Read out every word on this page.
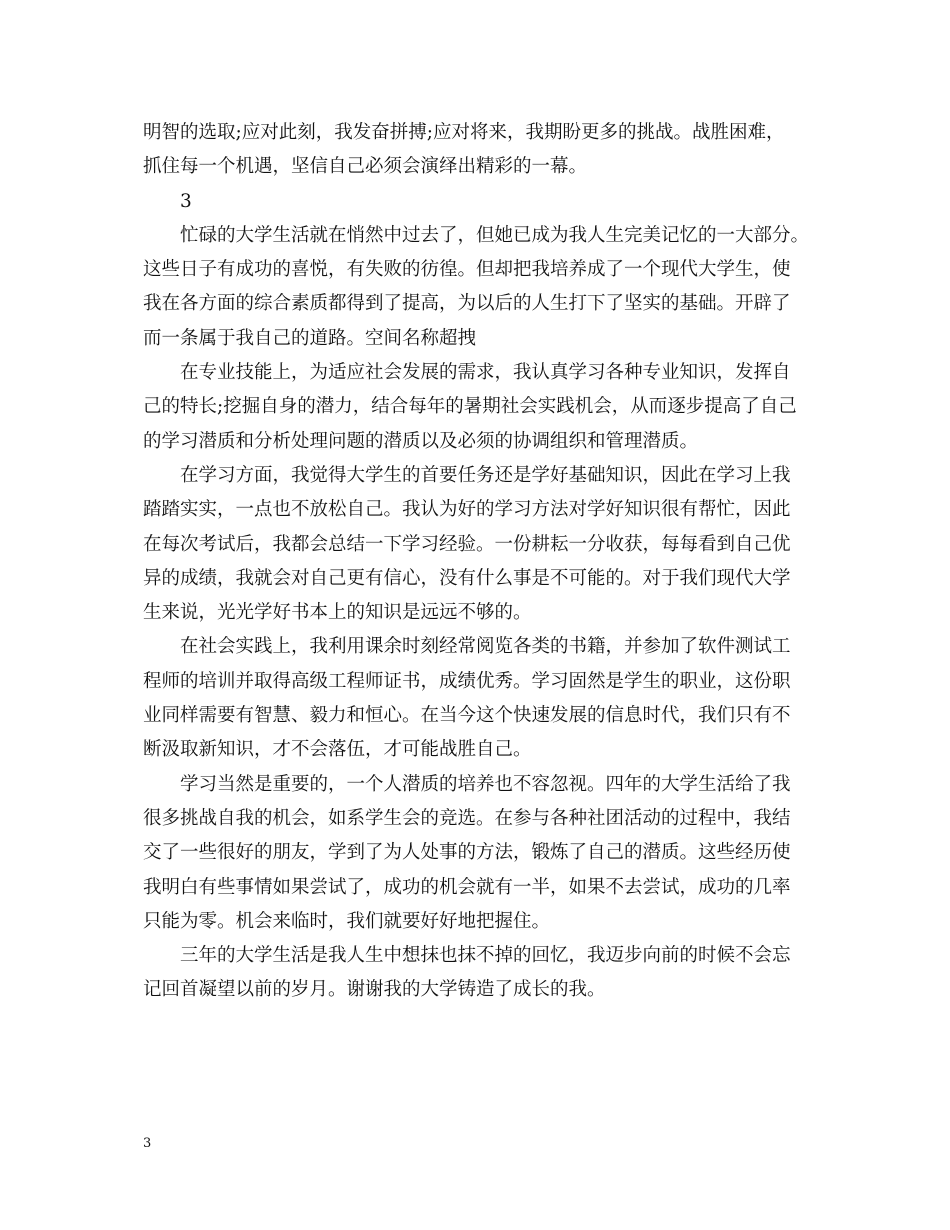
明智的选取;应对此刻，我发奋拼搏;应对将来，我期盼更多的挑战。战胜困难，
抓住每一个机遇，坚信自己必须会演绎出精彩的一幕。
3
忙碌的大学生活就在悄然中过去了，但她已成为我人生完美记忆的一大部分。
这些日子有成功的喜悦，有失败的彷徨。但却把我培养成了一个现代大学生，使
我在各方面的综合素质都得到了提高，为以后的人生打下了坚实的基础。开辟了
而一条属于我自己的道路。空间名称超拽
在专业技能上，为适应社会发展的需求，我认真学习各种专业知识，发挥自
己的特长;挖掘自身的潜力，结合每年的暑期社会实践机会，从而逐步提高了自己
的学习潜质和分析处理问题的潜质以及必须的协调组织和管理潜质。
在学习方面，我觉得大学生的首要任务还是学好基础知识，因此在学习上我
踏踏实实，一点也不放松自己。我认为好的学习方法对学好知识很有帮忙，因此
在每次考试后，我都会总结一下学习经验。一份耕耘一分收获，每每看到自己优
异的成绩，我就会对自己更有信心，没有什么事是不可能的。对于我们现代大学
生来说，光光学好书本上的知识是远远不够的。
在社会实践上，我利用课余时刻经常阅览各类的书籍，并参加了软件测试工
程师的培训并取得高级工程师证书，成绩优秀。学习固然是学生的职业，这份职
业同样需要有智慧、毅力和恒心。在当今这个快速发展的信息时代，我们只有不
断汲取新知识，才不会落伍，才可能战胜自己。
学习当然是重要的，一个人潜质的培养也不容忽视。四年的大学生活给了我
很多挑战自我的机会，如系学生会的竞选。在参与各种社团活动的过程中，我结
交了一些很好的朋友，学到了为人处事的方法，锻炼了自己的潜质。这些经历使
我明白有些事情如果尝试了，成功的机会就有一半，如果不去尝试，成功的几率
只能为零。机会来临时，我们就要好好地把握住。
三年的大学生活是我人生中想抹也抹不掉的回忆，我迈步向前的时候不会忘
记回首凝望以前的岁月。谢谢我的大学铸造了成长的我。
3
